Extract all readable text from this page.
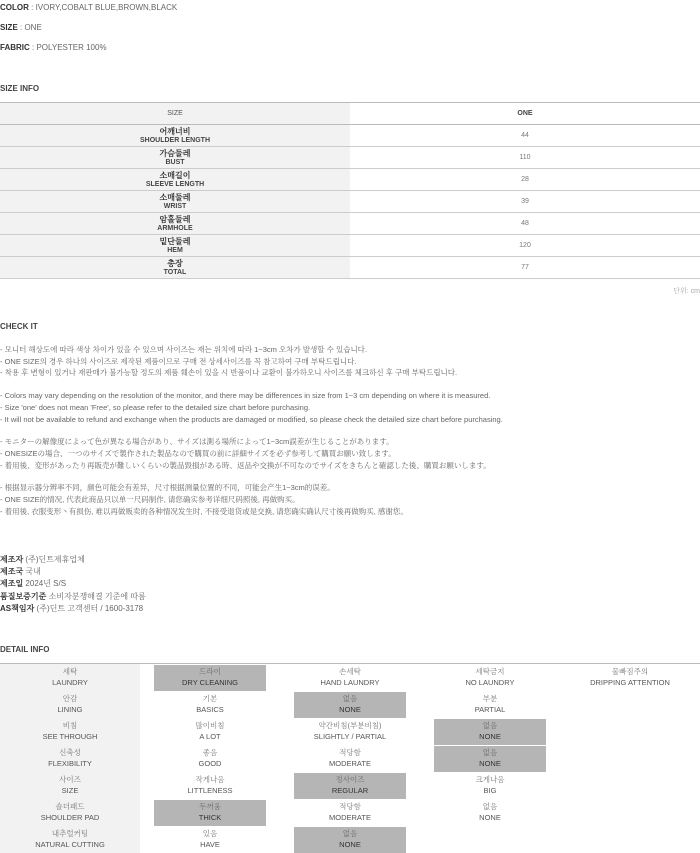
COLOR : IVORY,COBALT BLUE,BROWN,BLACK
SIZE : ONE
FABRIC : POLYESTER 100%
SIZE INFO
SIZE	ONE
어깨너비
SHOULDER LENGTH
44
가슴둘레
BUST
110
소매길이
SLEEVE LENGTH
28
소매둘레
WRIST
39
암홀둘레
ARMHOLE
48
밑단둘레
HEM
120
총장
TOTAL
77
단위: cm
CHECK IT
- 모니터 해상도에 따라 색상 차이가 있을 수 있으며 사이즈는 재는 위치에 따라 1~3cm 오차가 발생할 수 있습니다.
- ONE SIZE의 경우 하나의 사이즈로 제작된 제품이므로 구매 전 상세사이즈를 꼭 참고하여 구매 부탁드립니다.
- 착용 후 변형이 있거나 재판매가 불가능할 정도의 제품 훼손이 있을 시 반품이나 교환이 불가하오니 사이즈를 체크하신 후 구매 부탁드립니다.
- Colors may vary depending on the resolution of the monitor, and there may be differences in size from 1~3 cm depending on where it is measured.
- Size 'one' does not mean 'Free', so please refer to the detailed size chart before purchasing.
- It will not be available to refund and exchange when the products are damaged or modified, so please check the detailed size chart before purchasing.
- モニターの解像度によって色が異なる場合があり、サイズは測る場所によって1~3cm誤差が生じることがあります。
- ONESIZEの場合、一つのサイズで製作された製品なので購買の前に詳細サイズを必ず参考して購買お願い致します。
- 着用後、変形があったり再販売が難しいくらいの製品毀損がある時、返品や交換が不可なのでサイズをきちんと確認した後、購買お願いします。
- 根据显示器分辨率不同，颜色可能会有差异，尺寸根据测量位置的不同，可能会产生1~3cm的误差。
- ONE SIZE的情况, 代表此商品只以单一尺码制作, 请您确实参考详细尺码照後, 再做购买。
- 着用後, 衣服变形丶有损伤, 难以再做贩卖的各种情况发生时, 不接受退货或是交换, 请您确实确认尺寸後再做购买, 感谢您。
제조자 (주)딘트제휴업체
제조국 국내
제조일 2024년 S/S
품질보증기준 소비자분쟁해결 기준에 따름
AS책임자 (주)딘트 고객센터 / 1600-3178
DETAIL INFO
세탁
LAUNDRY
드라이
DRY CLEANING
손세탁
HAND LAUNDRY
세탁금지
NO LAUNDRY
물빠짐주의
DRIPPING ATTENTION
안감
LINING
기본
BASICS
없음
NONE
부분
PARTIAL
비침
SEE THROUGH
많이비침
A LOT
약간비침(부분비침)
SLIGHTLY / PARTIAL
없음
NONE
신축성
FLEXIBILITY
좋음
GOOD
적당함
MODERATE
없음
NONE
사이즈
SIZE
작게나옴
LITTLENESS
정사이즈
REGULAR
크게나옴
BIG
숄더패드
SHOULDER PAD
두꺼움
THICK
적당함
MODERATE
없음
NONE
내추럴커팅
NATURAL CUTTING
있음
HAVE
없음
NONE
